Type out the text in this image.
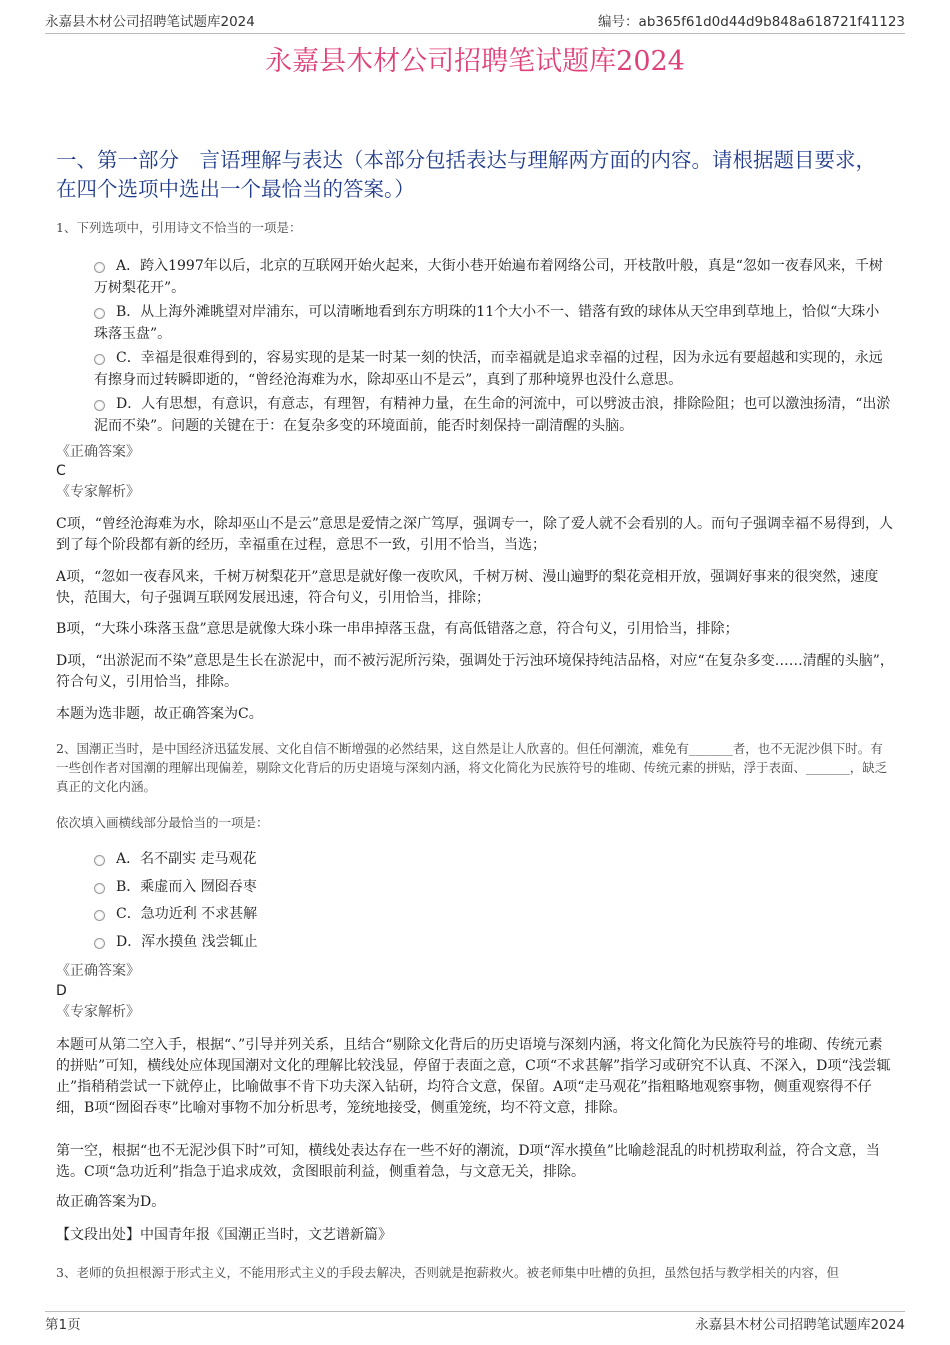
永嘉县木材公司招聘笔试题库2024	编号：ab365f61d0d44d9b848a618721f41123
永嘉县木材公司招聘笔试题库2024
一、第一部分　言语理解与表达（本部分包括表达与理解两方面的内容。请根据题目要求，在四个选项中选出一个最恰当的答案。）
1、下列选项中，引用诗文不恰当的一项是：
A．跨入1997年以后，北京的互联网开始火起来，大街小巷开始遍布着网络公司，开枝散叶般，真是“忽如一夜春风来，千树万树梨花开”。
B．从上海外滩眺望对岸浦东，可以清晰地看到东方明珠的11个大小不一、错落有致的球体从天空串到草地上，恰似“大珠小珠落玉盘”。
C．幸福是很难得到的，容易实现的是某一时某一刻的快活，而幸福就是追求幸福的过程，因为永远有要超越和实现的，永远有擦身而过转瞬即逝的，“曾经沧海难为水，除却巫山不是云”，真到了那种境界也没什么意思。
D．人有思想，有意识，有意志，有理智，有精神力量，在生命的河流中，可以劈波击浪，排除险阻；也可以激浊扬清，“出淤泥而不染”。问题的关键在于：在复杂多变的环境面前，能否时刻保持一副清醒的头脑。
《正确答案》
C
《专家解析》
C项，“曾经沧海难为水，除却巫山不是云”意思是爱情之深广笃厚，强调专一，除了爱人就不会看别的人。而句子强调幸福不易得到，人到了每个阶段都有新的经历，幸福重在过程，意思不一致，引用不恰当，当选；
A项，“忽如一夜春风来，千树万树梨花开”意思是就好像一夜吹风，千树万树、漫山遍野的梨花竞相开放，强调好事来的很突然，速度快，范围大，句子强调互联网发展迅速，符合句义，引用恰当，排除；
B项，“大珠小珠落玉盘”意思是就像大珠小珠一串串掉落玉盘，有高低错落之意，符合句义，引用恰当，排除；
D项，“出淤泥而不染”意思是生长在淤泥中，而不被污泥所污染，强调处于污浊环境保持纯洁品格，对应“在复杂多变……清醒的头脑”，符合句义，引用恰当，排除。
本题为选非题，故正确答案为C。
2、国潮正当时，是中国经济迅猛发展、文化自信不断增强的必然结果，这自然是让人欣喜的。但任何潮流，难免有_______者，也不无泥沙俱下时。有一些创作者对国潮的理解出现偏差，剔除文化背后的历史语境与深刻内涵，将文化简化为民族符号的堆砌、传统元素的拼贴，浮于表面、_______，缺乏真正的文化内涵。
依次填入画横线部分最恰当的一项是：
A．名不副实 走马观花
B．乘虚而入 囫囵吞枣
C．急功近利 不求甚解
D．浑水摸鱼 浅尝辄止
《正确答案》
D
《专家解析》
本题可从第二空入手，根据“、”引导并列关系，且结合“剔除文化背后的历史语境与深刻内涵，将文化简化为民族符号的堆砌、传统元素的拼贴”可知，横线处应体现国潮对文化的理解比较浅显，停留于表面之意，C项“不求甚解”指学习或研究不认真、不深入，D项“浅尝辄止”指稍稍尝试一下就停止，比喻做事不肯下功夫深入钻研，均符合文意，保留。A项“走马观花”指粗略地观察事物，侧重观察得不仔细，B项“囫囵吞枣”比喻对事物不加分析思考，笼统地接受，侧重笼统，均不符文意，排除。
第一空，根据“也不无泥沙俱下时”可知，横线处表达存在一些不好的潮流，D项“浑水摸鱼”比喻趁混乱的时机捞取利益，符合文意，当选。C项“急功近利”指急于追求成效，贪图眼前利益，侧重着急，与文意无关，排除。
故正确答案为D。
【文段出处】中国青年报《国潮正当时，文艺谱新篇》
3、老师的负担根源于形式主义，不能用形式主义的手段去解决，否则就是抱薪救火。被老师集中吐槽的负担，虽然包括与教学相关的内容，但
第1页	永嘉县木材公司招聘笔试题库2024
